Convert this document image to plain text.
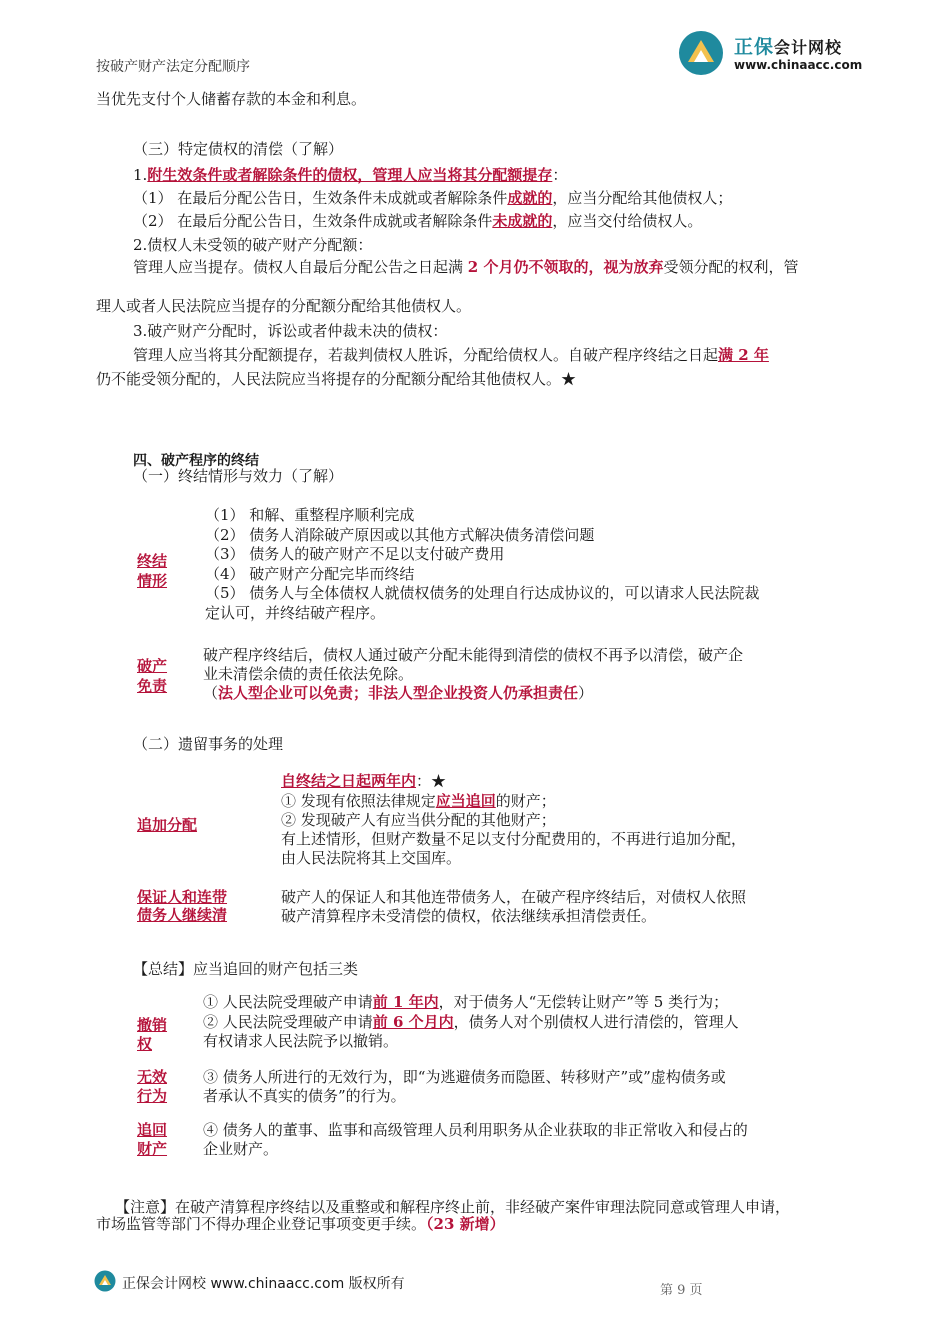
正保会计网校
www.chinaacc.com
按破产财产法定分配顺序
当优先支付个人储蓄存款的本金和利息。
（三）特定债权的清偿（了解）
1.附生效条件或者解除条件的债权，管理人应当将其分配额提存：
（1） 在最后分配公告日，生效条件未成就或者解除条件成就的，应当分配给其他债权人；
（2） 在最后分配公告日，生效条件成就或者解除条件未成就的，应当交付给债权人。
2.债权人未受领的破产财产分配额：
管理人应当提存。债权人自最后分配公告之日起满 2 个月仍不领取的，视为放弃受领分配的权利，管
理人或者人民法院应当提存的分配额分配给其他债权人。
3.破产财产分配时，诉讼或者仲裁未决的债权：
管理人应当将其分配额提存，若裁判债权人胜诉，分配给债权人。自破产程序终结之日起满 2 年
仍不能受领分配的，人民法院应当将提存的分配额分配给其他债权人。★
四、破产程序的终结
（一）终结情形与效力（了解）
终结
情形
（1） 和解、重整程序顺利完成
（2） 债务人消除破产原因或以其他方式解决债务清偿问题
（3） 债务人的破产财产不足以支付破产费用
（4） 破产财产分配完毕而终结
（5） 债务人与全体债权人就债权债务的处理自行达成协议的，可以请求人民法院裁
定认可，并终结破产程序。
破产
免责
破产程序终结后，债权人通过破产分配未能得到清偿的债权不再予以清偿，破产企
业未清偿余债的责任依法免除。
（法人型企业可以免责；非法人型企业投资人仍承担责任）
（二）遗留事务的处理
自终结之日起两年内：★
追加分配
① 发现有依照法律规定应当追回的财产；
② 发现破产人有应当供分配的其他财产；
有上述情形，但财产数量不足以支付分配费用的，不再进行追加分配，
由人民法院将其上交国库。
保证人和连带
债务人继续清
破产人的保证人和其他连带债务人，在破产程序终结后，对债权人依照
破产清算程序未受清偿的债权，依法继续承担清偿责任。
【总结】应当追回的财产包括三类
撤销
权
① 人民法院受理破产申请前 1 年内，对于债务人“无偿转让财产”等 5 类行为；
② 人民法院受理破产申请前 6 个月内，债务人对个别债权人进行清偿的，管理人
有权请求人民法院予以撤销。
无效
行为
③ 债务人所进行的无效行为，即“为逃避债务而隐匿、转移财产”或”虚构债务或
者承认不真实的债务”的行为。
追回
财产
④ 债务人的董事、监事和高级管理人员利用职务从企业获取的非正常收入和侵占的
企业财产。
【注意】在破产清算程序终结以及重整或和解程序终止前，非经破产案件审理法院同意或管理人申请，
市场监管等部门不得办理企业登记事项变更手续。（23 新增）
正保会计网校 www.chinaacc.com 版权所有	第 9 页
